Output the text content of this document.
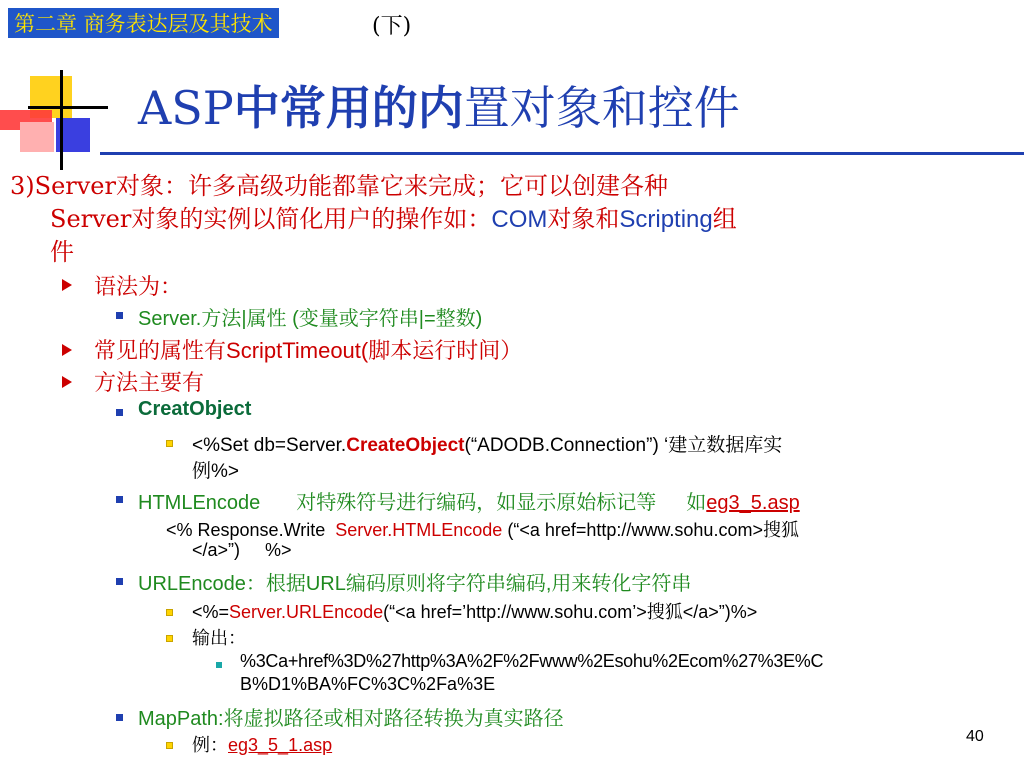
第二章 商务表达层及其技术	(下)
ASP中常用的内置对象和控件
3)Server对象：许多高级功能都靠它来完成；它可以创建各种
Server对象的实例以简化用户的操作如：COM对象和Scripting组
件
语法为：
Server.方法|属性 (变量或字符串|=整数)
常见的属性有ScriptTimeout(脚本运行时间）
方法主要有
CreatObject
<%Set db=Server.CreateObject(“ADODB.Connection”) ‘建立数据库实
例%>
HTMLEncode 对特殊符号进行编码，如显示原始标记等 如eg3_5.asp
<% Response.Write Server.HTMLEncode (“<a href=http://www.sohu.com>搜狐
</a>”)     %>
URLEncode：根据URL编码原则将字符串编码,用来转化字符串
<%=Server.URLEncode(“<a href=’http://www.sohu.com’>搜狐</a>”)%>
输出：
%3Ca+href%3D%27http%3A%2F%2Fwww%2Esohu%2Ecom%27%3E%C
B%D1%BA%FC%3C%2Fa%3E
MapPath:将虚拟路径或相对路径转换为真实路径
例：eg3_5_1.asp	40
